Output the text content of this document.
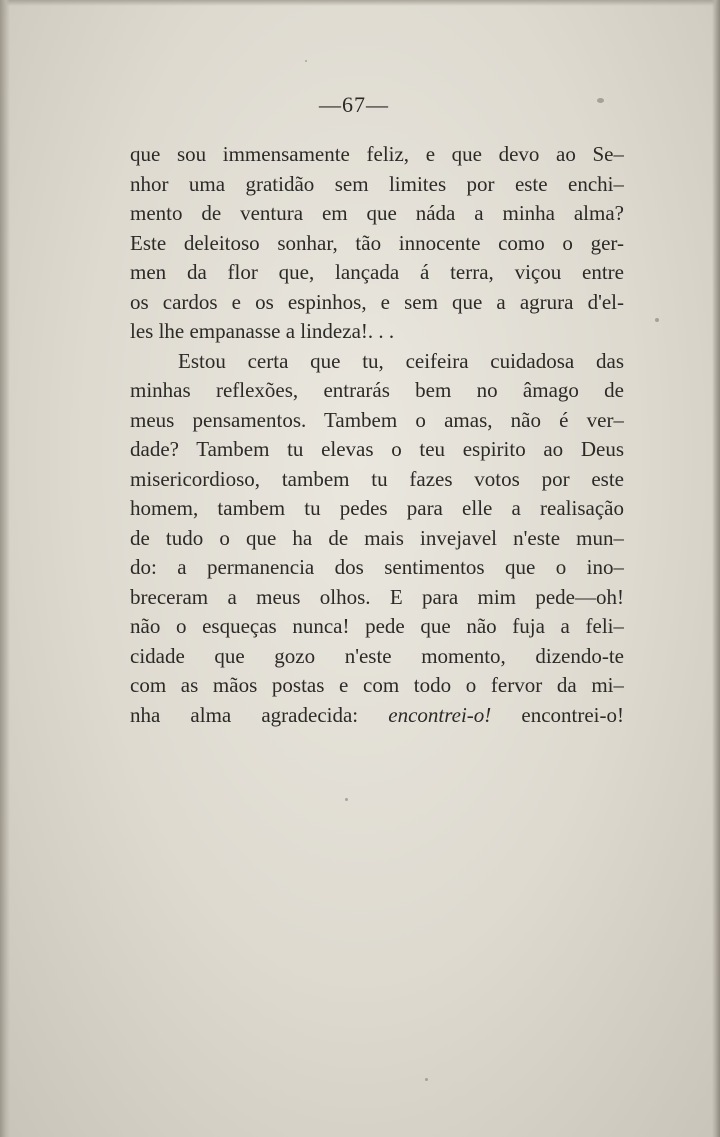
—67—
que sou immensamente feliz, e que devo ao Se–
nhor uma gratidão sem limites por este enchi–
mento de ventura em que náda a minha alma?
Este deleitoso sonhar, tão innocente como o ger-
men da flor que, lançada á terra, viçou entre
os cardos e os espinhos, e sem que a agrura d'el-
les lhe empanasse a lindeza!. . .
Estou certa que tu, ceifeira cuidadosa das
minhas reflexões, entrarás bem no âmago de
meus pensamentos. Tambem o amas, não é ver–
dade? Tambem tu elevas o teu espirito ao Deus
misericordioso, tambem tu fazes votos por este
homem, tambem tu pedes para elle a realisação
de tudo o que ha de mais invejavel n'este mun–
do: a permanencia dos sentimentos que o ino–
breceram a meus olhos. E para mim pede—oh!
não o esqueças nunca! pede que não fuja a feli–
cidade que gozo n'este momento, dizendo-te
com as mãos postas e com todo o fervor da mi–
nha alma agradecida: encontrei-o! encontrei-o!
